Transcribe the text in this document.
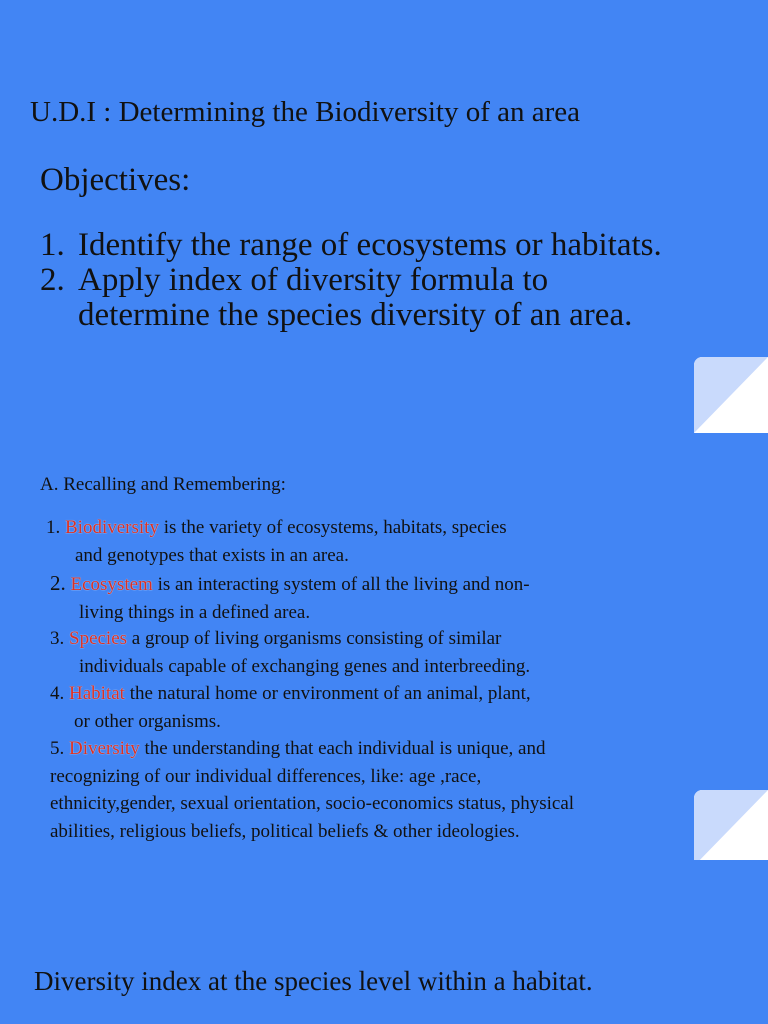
U.D.I : Determining the Biodiversity of an area
Objectives:
1. Identify the range of ecosystems or habitats.
2. Apply index of diversity formula to
determine the species diversity of an area.
A. Recalling and Remembering:
1. Biodiversity is the variety of ecosystems, habitats, species
and genotypes that exists in an area.
2. Ecosystem is an interacting system of all the living and non-
living things in a defined area.
3. Species a group of living organisms consisting of similar
individuals capable of exchanging genes and interbreeding.
4. Habitat the natural home or environment of an animal, plant,
or other organisms.
5. Diversity the understanding that each individual is unique, and
recognizing of our individual differences, like: age ,race,
ethnicity,gender, sexual orientation, socio-economics status, physical
abilities, religious beliefs, political beliefs & other ideologies.
Diversity index at the species level within a habitat.
